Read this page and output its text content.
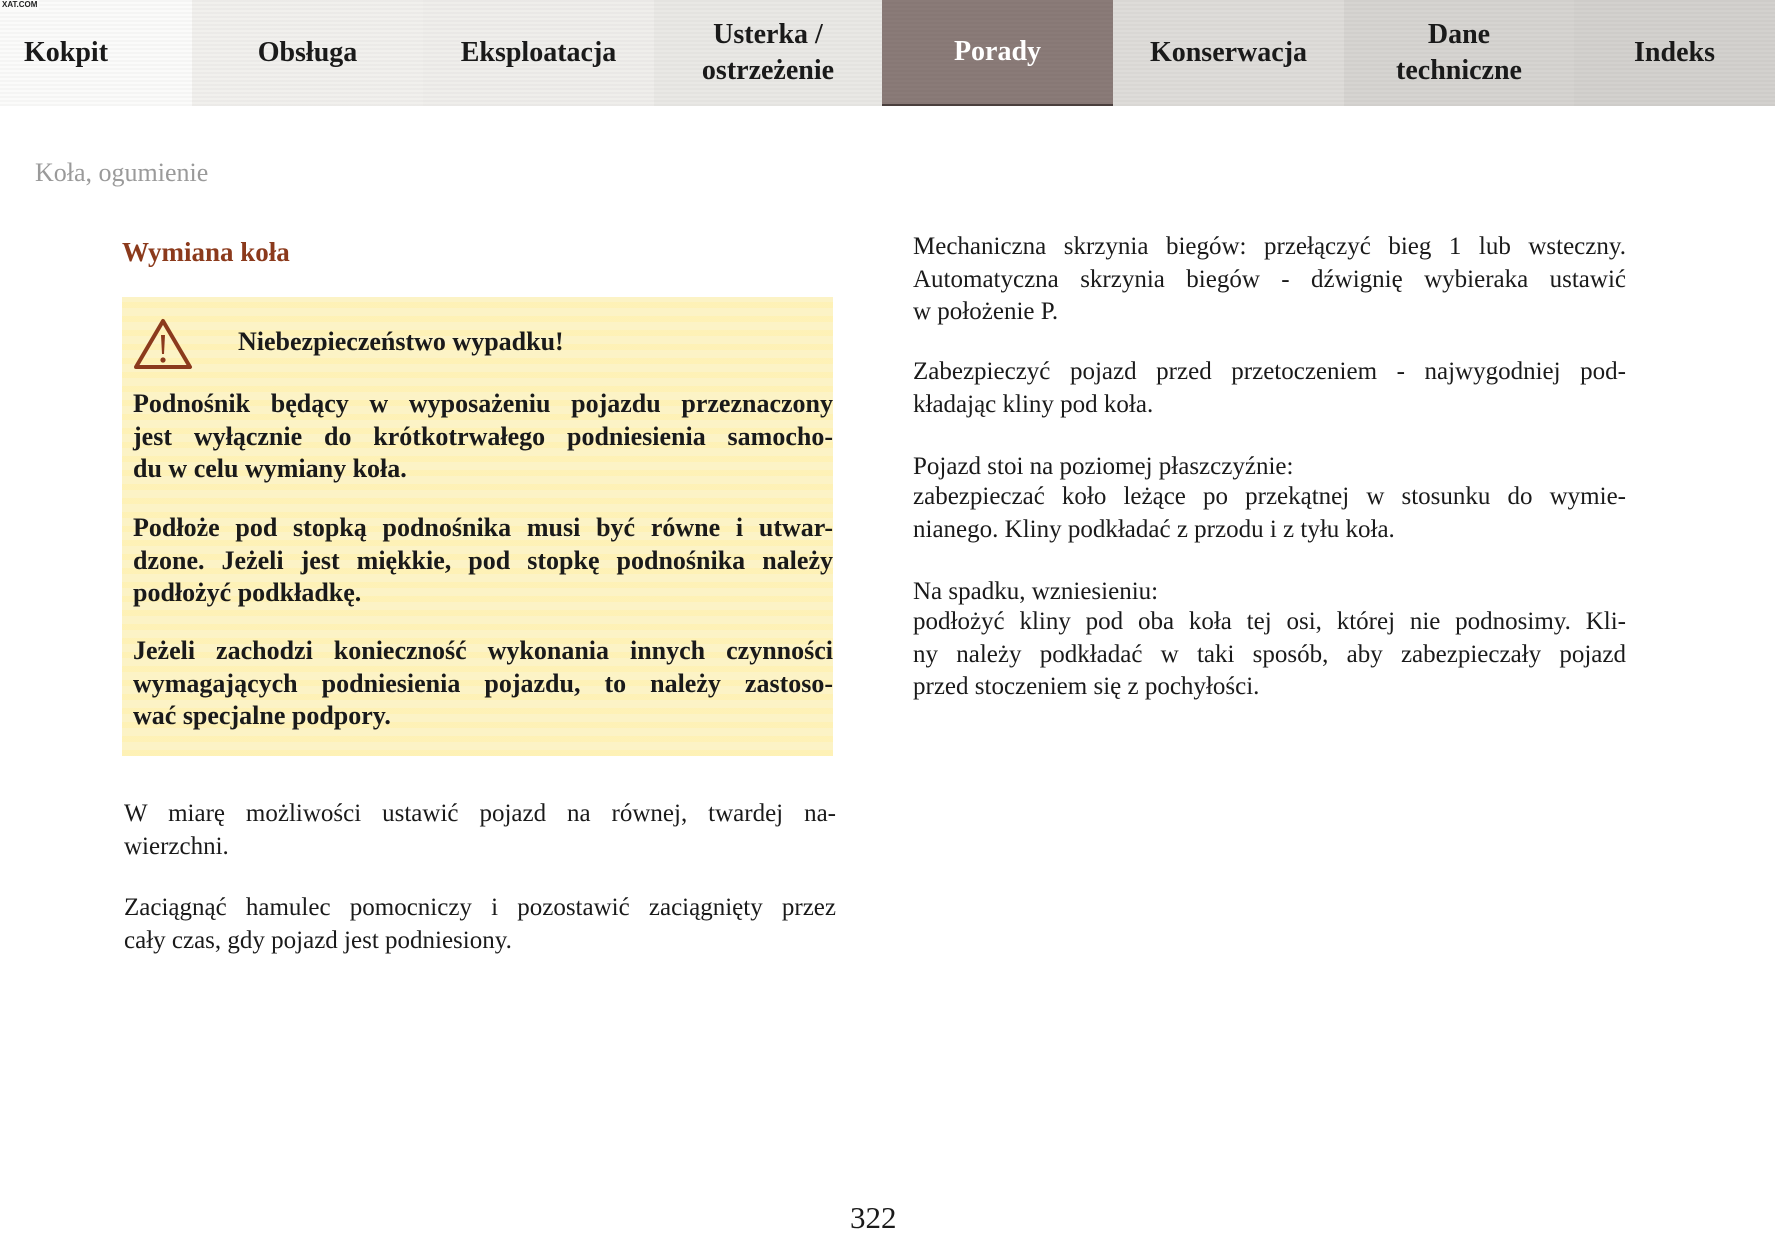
Kokpit	Obsługa	Eksploatacja
Usterka / ostrzeżenie
Porady	Konserwacja
Dane techniczne
Indeks
XAT.COM
Koła, ogumienie
Wymiana koła
Niebezpieczeństwo wypadku!
Podnośnik będący w wyposażeniu pojazdu przeznaczony
jest wyłącznie do krótkotrwałego podniesienia samocho-
du w celu wymiany koła.
Podłoże pod stopką podnośnika musi być równe i utwar-
dzone. Jeżeli jest miękkie, pod stopkę podnośnika należy
podłożyć podkładkę.
Jeżeli zachodzi konieczność wykonania innych czynności
wymagających podniesienia pojazdu, to należy zastoso-
wać specjalne podpory.
W miarę możliwości ustawić pojazd na równej, twardej na-
wierzchni.
Zaciągnąć hamulec pomocniczy i pozostawić zaciągnięty przez
cały czas, gdy pojazd jest podniesiony.
Mechaniczna skrzynia biegów: przełączyć bieg 1 lub wsteczny.
Automatyczna skrzynia biegów - dźwignię wybieraka ustawić
w położenie P.
Zabezpieczyć pojazd przed przetoczeniem - najwygodniej pod-
kładając kliny pod koła.
Pojazd stoi na poziomej płaszczyźnie:
zabezpieczać koło leżące po przekątnej w stosunku do wymie-
nianego. Kliny podkładać z przodu i z tyłu koła.
Na spadku, wzniesieniu:
podłożyć kliny pod oba koła tej osi, której nie podnosimy. Kli-
ny należy podkładać w taki sposób, aby zabezpieczały pojazd
przed stoczeniem się z pochyłości.
322
